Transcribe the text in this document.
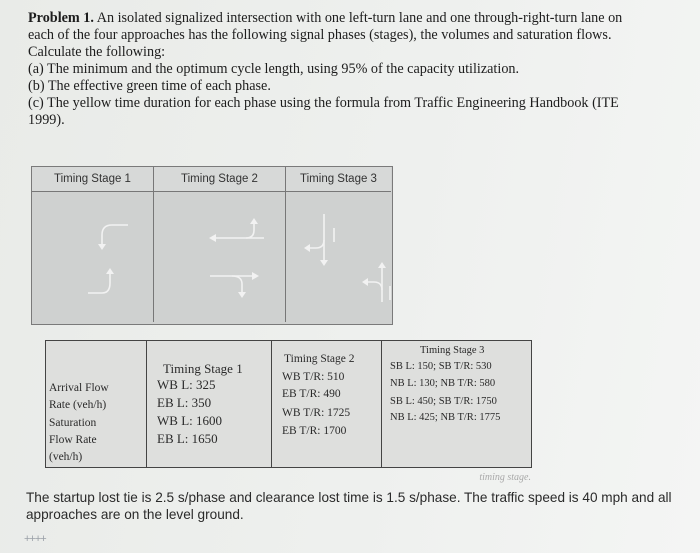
Problem 1. An isolated signalized intersection with one left-turn lane and one through-right-turn lane on

each of the four approaches has the following signal phases (stages), the volumes and saturation flows.

Calculate the following:

(a) The minimum and the optimum cycle length, using 95% of the capacity utilization.

(b) The effective green time of each phase.

(c) The yellow time duration for each phase using the formula from Traffic Engineering Handbook (ITE

1999).

Timing Stage 1	Timing Stage 2	Timing Stage 3
Arrival Flow
Rate (veh/h)
Saturation
Flow Rate
(veh/h)
Timing Stage 1
WB L: 325
EB L: 350
WB L: 1600
EB L: 1650
Timing Stage 2
WB T/R: 510
EB T/R: 490
WB T/R: 1725
EB T/R: 1700
Timing Stage 3
SB L: 150; SB T/R: 530
NB L: 130; NB T/R: 580
SB L: 450; SB T/R: 1750
NB L: 425; NB T/R: 1775
timing stage.

The startup lost tie is 2.5 s/phase and clearance lost time is 1.5 s/phase. The traffic speed is 40 mph and all

approaches are on the level ground.

++++
